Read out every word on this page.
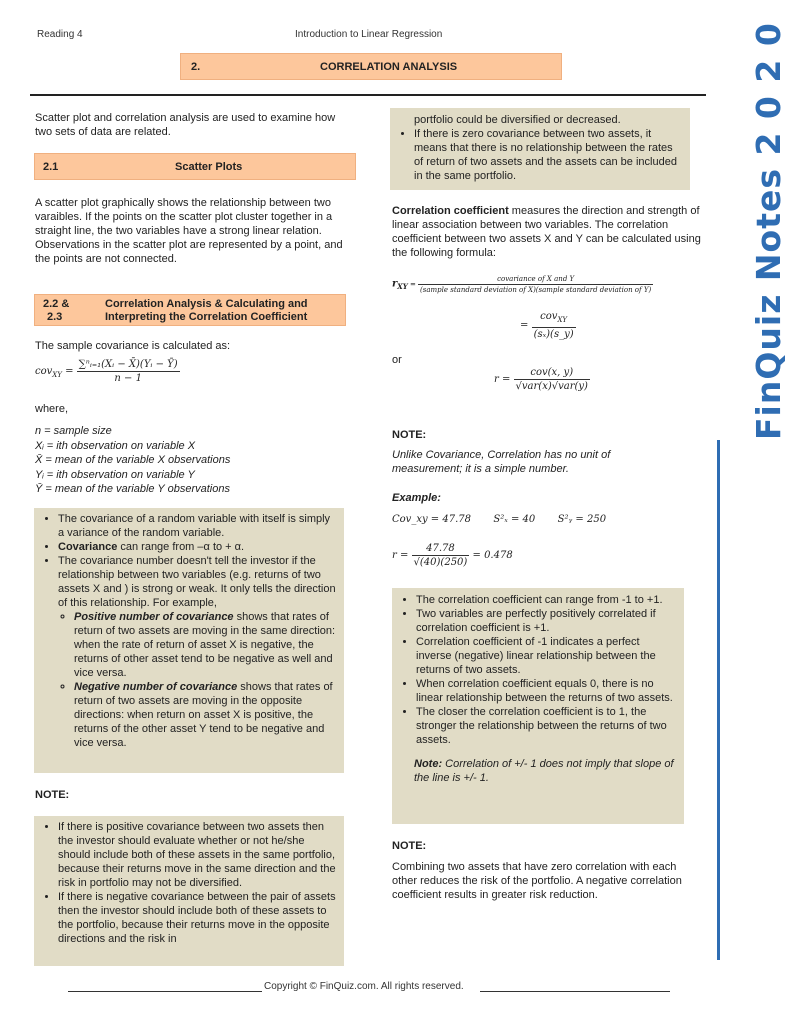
Reading 4	Introduction to Linear Regression
2.	CORRELATION ANALYSIS	FinQuiz Notes 2 0 2 0

Scatter plot and correlation analysis are used to examine how two sets of data are related.

2.1	Scatter Plots

A scatter plot graphically shows the relationship between two varaibles. If the points on the scatter plot cluster together in a straight line, the two variables have a strong linear relation. Observations in the scatter plot are represented by a point, and the points are not connected.

2.2 &
2.3
Correlation Analysis & Calculating and
Interpreting the Correlation Coefficient

The sample covariance is calculated as:

$cov_{XY} = \frac{\text{∑ⁿᵢ₌₁(Xᵢ − X̄)(Yᵢ − Ȳ)}}{n - 1}$

where,

n = sample size
Xᵢ = ith observation on variable X
X̄ = mean of the variable X observations
Yᵢ = ith observation on variable Y
Ȳ = mean of the variable Y observations
• The covariance of a random variable with itself is simply a variance of the random variable.
• Covariance can range from –α to + α.
• The covariance number doesn't tell the investor if the relationship between two variables (e.g. returns of two assets X and ) is strong or weak. It only tells the direction of this relationship. For example,
◦ Positive number of covariance shows that rates of return of two assets are moving in the same direction: when the rate of return of asset X is negative, the returns of other asset tend to be negative as well and vice versa.
◦ Negative number of covariance shows that rates of return of two assets are moving in the opposite directions: when return on asset X is positive, the returns of the other asset Y tend to be negative and vice versa.

NOTE:

• If there is positive covariance between two assets then the investor should evaluate whether or not he/she should include both of these assets in the same portfolio, because their returns move in the same direction and the risk in portfolio may not be diversified.
• If there is negative covariance between the pair of assets then the investor should include both of these assets to the portfolio, because their returns move in the opposite directions and the risk in
portfolio could be diversified or decreased.
• If there is zero covariance between two assets, it means that there is no relationship between the rates of return of two assets and the assets can be included in the same portfolio.

Correlation coefficient measures the direction and strength of linear association between two variables. The correlation coefficient between two assets X and Y can be calculated using the following formula:

$r_{XY}$ =
covariance of X and Y
(sample standard deviation of X)(sample standard deviation of Y)
= $\frac{cov_{XY}}{\text{(sₓ)(s\_y)}}$

or

$r = \frac{\text{cov(x, y)}}{\text{√var(x)√var(y)}}$

NOTE:

Unlike Covariance, Correlation has no unit of measurement; it is a simple number.

Example:

Cov_xy = 47.78 S²ₓ = 40 S²ᵧ = 250
$r = \frac{47.78}{√(40)(250)} = 0.478$
• The correlation coefficient can range from -1 to +1.
• Two variables are perfectly positively correlated if correlation coefficient is +1.
• Correlation coefficient of -1 indicates a perfect inverse (negative) linear relationship between the returns of two assets.
• When correlation coefficient equals 0, there is no linear relationship between the returns of two assets.
• The closer the correlation coefficient is to 1, the stronger the relationship between the returns of two assets.

Note: Correlation of +/- 1 does not imply that slope of the line is +/- 1.

NOTE:

Combining two assets that have zero correlation with each other reduces the risk of the portfolio. A negative correlation coefficient results in greater risk reduction.

Copyright © FinQuiz.com. All rights reserved.
